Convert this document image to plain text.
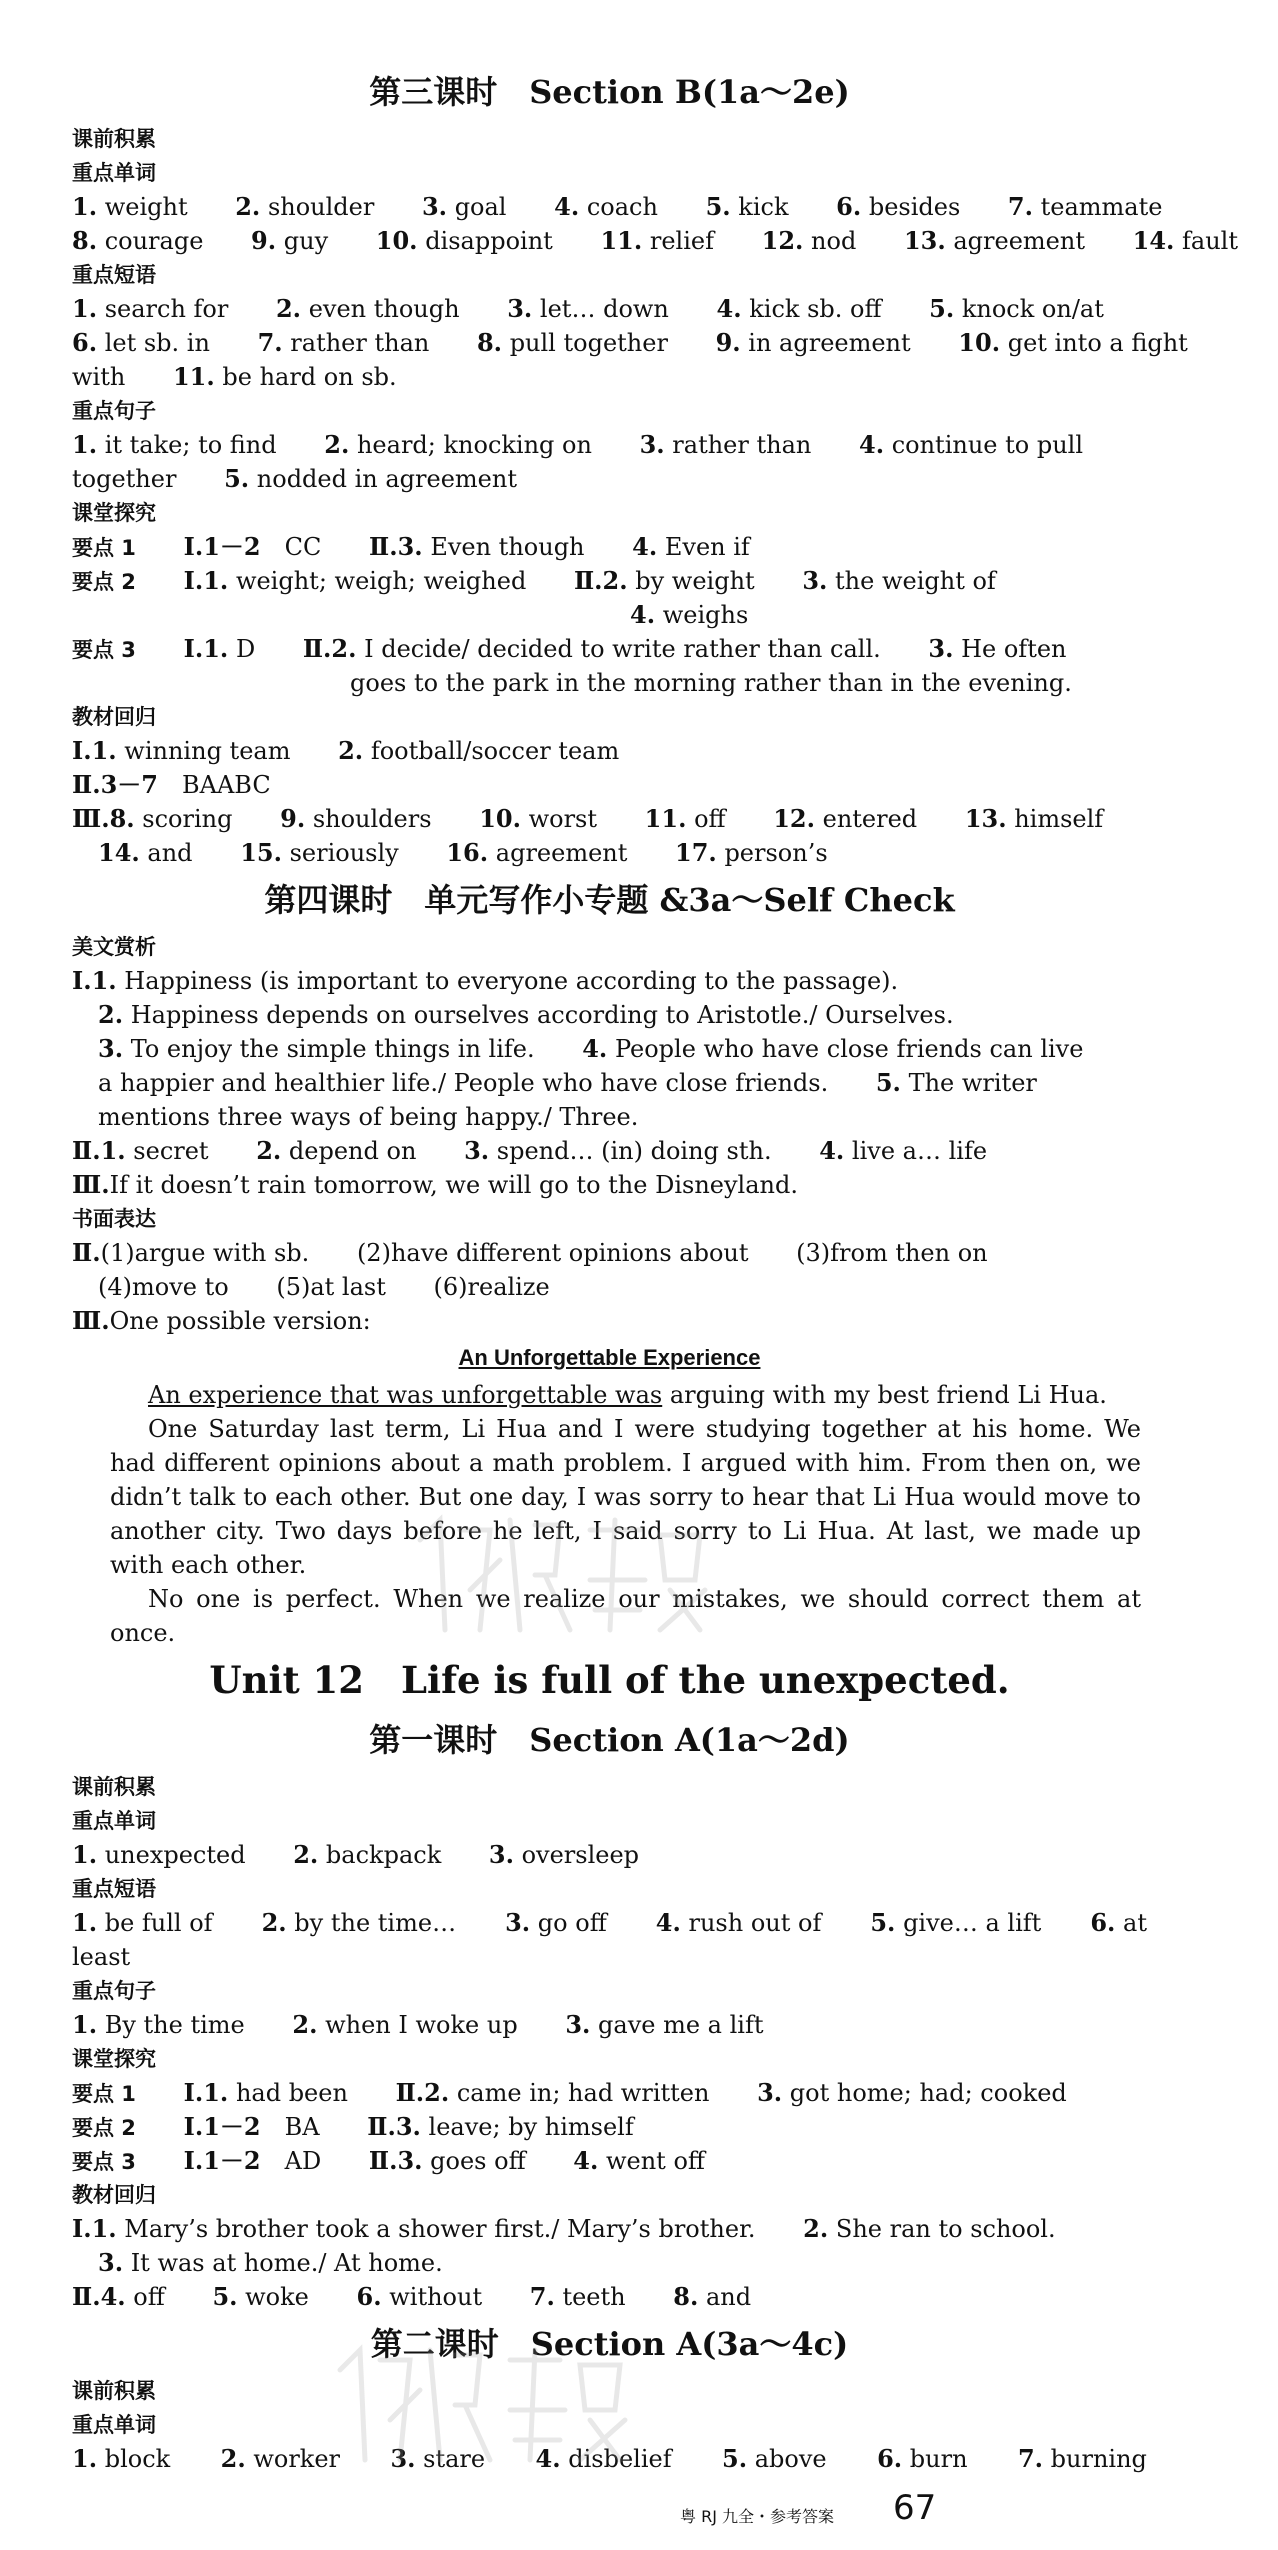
第三课时　Section B(1a～2e)
课前积累
重点单词
1. weight 2. shoulder 3. goal 4. coach 5. kick 6. besides 7. teammate
8. courage 9. guy 10. disappoint 11. relief 12. nod 13. agreement 14. fault
重点短语
1. search for 2. even though 3. let… down 4. kick sb. off 5. knock on/at
6. let sb. in 7. rather than 8. pull together 9. in agreement 10. get into a fight
with 11. be hard on sb.
重点句子
1. it take; to find 2. heard; knocking on 3. rather than 4. continue to pull
together 5. nodded in agreement
课堂探究
要点 1 Ⅰ.1－2　 CC Ⅱ.3. Even though 4. Even if
要点 2 Ⅰ.1. weight; weigh; weighed Ⅱ.2. by weight 3. the weight of
4. weighs
要点 3 Ⅰ.1. D Ⅱ.2. I decide/ decided to write rather than call. 3. He often
goes to the park in the morning rather than in the evening.
教材回归
Ⅰ.1. winning team 2. football/soccer team
Ⅱ.3－7　 BAABC
Ⅲ.8. scoring 9. shoulders 10. worst 11. off 12. entered 13. himself
14. and 15. seriously 16. agreement 17. person’s
第四课时　单元写作小专题 &3a～Self Check
美文赏析
Ⅰ.1. Happiness (is important to everyone according to the passage).
2. Happiness depends on ourselves according to Aristotle./ Ourselves.
3. To enjoy the simple things in life. 4. People who have close friends can live
a happier and healthier life./ People who have close friends. 5. The writer
mentions three ways of being happy./ Three.
Ⅱ.1. secret 2. depend on 3. spend… (in) doing sth. 4. live a… life
Ⅲ.If it doesn’t rain tomorrow, we will go to the Disneyland.
书面表达
Ⅱ.(1)argue with sb. (2)have different opinions about (3)from then on
(4)move to (5)at last (6)realize
Ⅲ.One possible version:
An Unforgettable Experience
An experience that was unforgettable was arguing with my best friend Li Hua.
One Saturday last term, Li Hua and I were studying together at his home. We had different opinions about a math problem. I argued with him. From then on, we didn’t talk to each other. But one day, I was sorry to hear that Li Hua would move to another city. Two days before he left, I said sorry to Li Hua. At last, we made up with each other.
No one is perfect. When we realize our mistakes, we should correct them at once.
Unit 12　Life is full of the unexpected.
第一课时　Section A(1a～2d)
课前积累
重点单词
1. unexpected 2. backpack 3. oversleep
重点短语
1. be full of 2. by the time… 3. go off 4. rush out of 5. give… a lift 6. at
least
重点句子
1. By the time 2. when I woke up 3. gave me a lift
课堂探究
要点 1 Ⅰ.1. had been Ⅱ.2. came in; had written 3. got home; had; cooked
要点 2 Ⅰ.1－2　 BA Ⅱ.3. leave; by himself
要点 3 Ⅰ.1－2　 AD Ⅱ.3. goes off 4. went off
教材回归
Ⅰ.1. Mary’s brother took a shower first./ Mary’s brother. 2. She ran to school.
3. It was at home./ At home.
Ⅱ.4. off 5. woke 6. without 7. teeth 8. and
第二课时　Section A(3a～4c)
课前积累
重点单词
1. block 2. worker 3. stare 4. disbelief 5. above 6. burn 7. burning
粤 RJ 九全・参考答案 67
